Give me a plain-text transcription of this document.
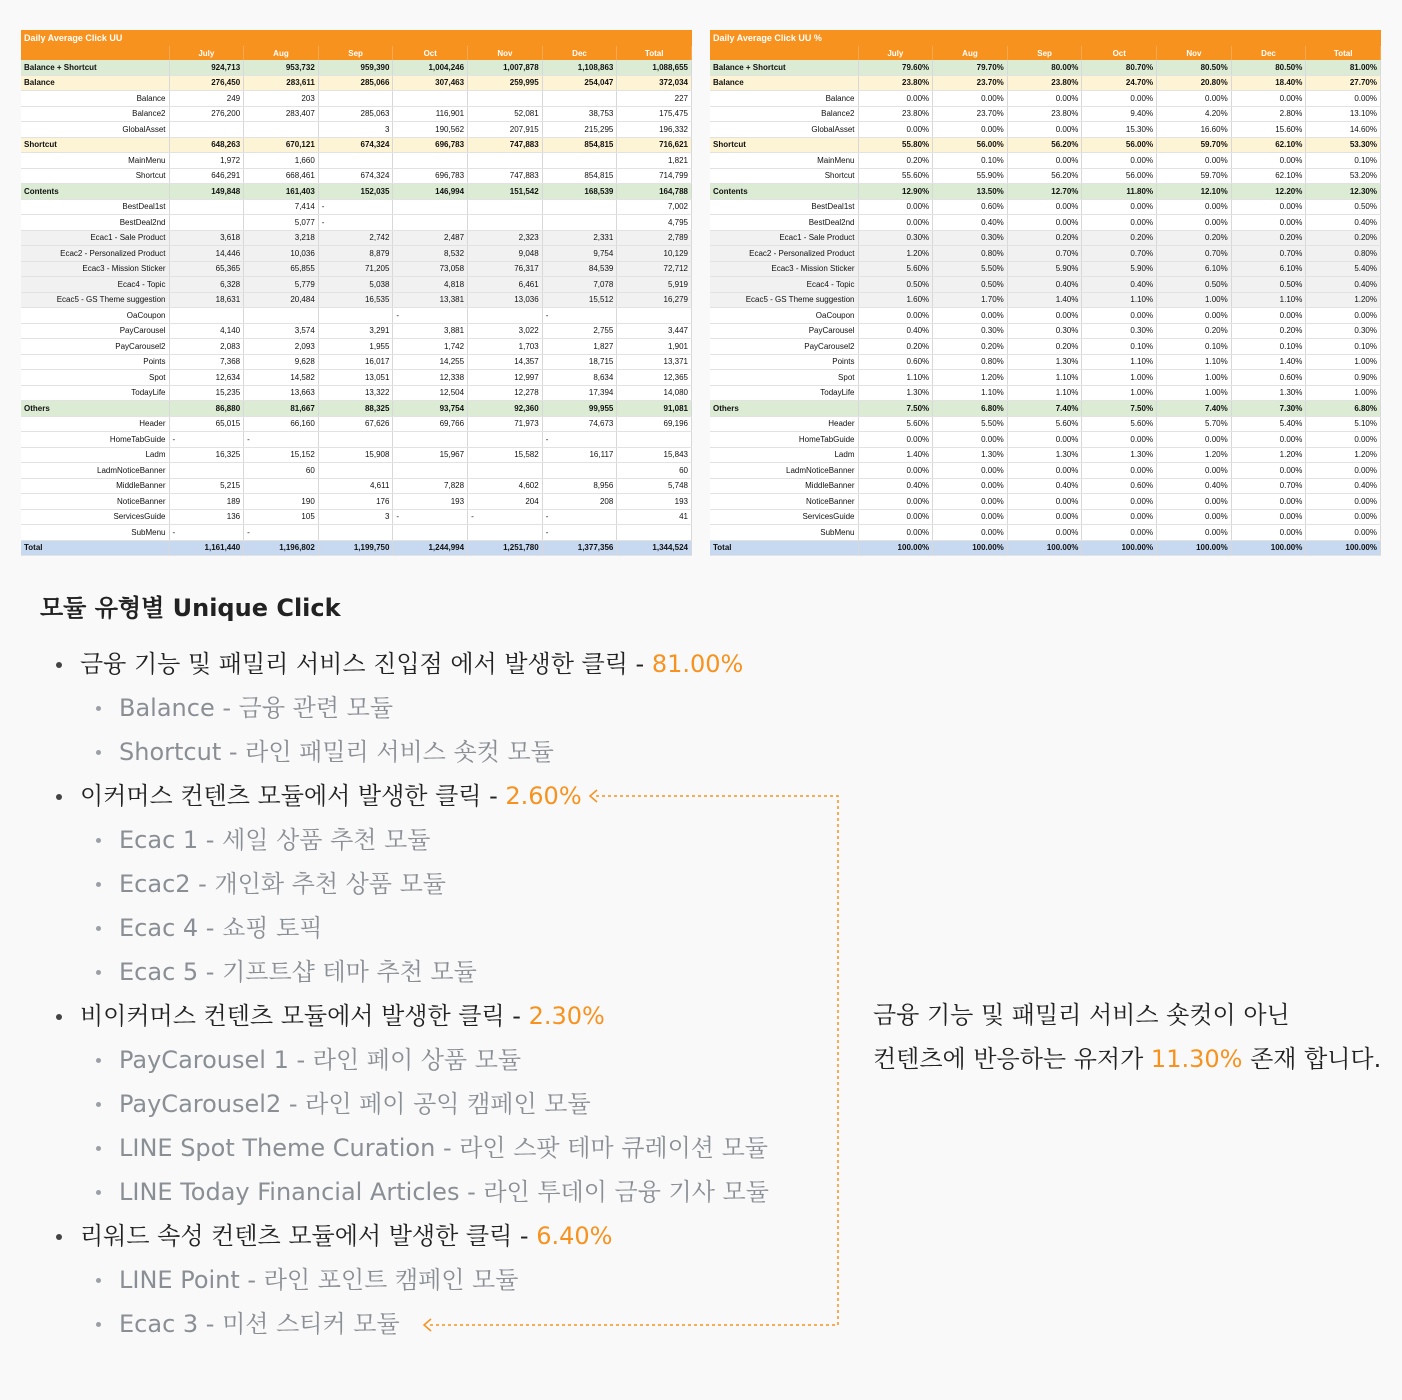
Daily Average Click UU							
	July	Aug	Sep	Oct	Nov	Dec	Total
Balance + Shortcut	924,713	953,732	959,390	1,004,246	1,007,878	1,108,863	1,088,655
Balance	276,450	283,611	285,066	307,463	259,995	254,047	372,034
Balance	249	203					227
Balance2	276,200	283,407	285,063	116,901	52,081	38,753	175,475
GlobalAsset			3	190,562	207,915	215,295	196,332
Shortcut	648,263	670,121	674,324	696,783	747,883	854,815	716,621
MainMenu	1,972	1,660					1,821
Shortcut	646,291	668,461	674,324	696,783	747,883	854,815	714,799
Contents	149,848	161,403	152,035	146,994	151,542	168,539	164,788
BestDeal1st		7,414	-				7,002
BestDeal2nd		5,077	-				4,795
Ecac1 - Sale Product	3,618	3,218	2,742	2,487	2,323	2,331	2,789
Ecac2 - Personalized Product	14,446	10,036	8,879	8,532	9,048	9,754	10,129
Ecac3 - Mission Sticker	65,365	65,855	71,205	73,058	76,317	84,539	72,712
Ecac4 - Topic	6,328	5,779	5,038	4,818	6,461	7,078	5,919
Ecac5 - GS Theme suggestion	18,631	20,484	16,535	13,381	13,036	15,512	16,279
OaCoupon				-		-	
PayCarousel	4,140	3,574	3,291	3,881	3,022	2,755	3,447
PayCarousel2	2,083	2,093	1,955	1,742	1,703	1,827	1,901
Points	7,368	9,628	16,017	14,255	14,357	18,715	13,371
Spot	12,634	14,582	13,051	12,338	12,997	8,634	12,365
TodayLife	15,235	13,663	13,322	12,504	12,278	17,394	14,080
Others	86,880	81,667	88,325	93,754	92,360	99,955	91,081
Header	65,015	66,160	67,626	69,766	71,973	74,673	69,196
HomeTabGuide	-	-				-	
Ladm	16,325	15,152	15,908	15,967	15,582	16,117	15,843
LadmNoticeBanner		60					60
MiddleBanner	5,215		4,611	7,828	4,602	8,956	5,748
NoticeBanner	189	190	176	193	204	208	193
ServicesGuide	136	105	3	-	-	-	41
SubMenu	-	-				-	
Total	1,161,440	1,196,802	1,199,750	1,244,994	1,251,780	1,377,356	1,344,524
Daily Average Click UU %							
	July	Aug	Sep	Oct	Nov	Dec	Total
Balance + Shortcut	79.60%	79.70%	80.00%	80.70%	80.50%	80.50%	81.00%
Balance	23.80%	23.70%	23.80%	24.70%	20.80%	18.40%	27.70%
Balance	0.00%	0.00%	0.00%	0.00%	0.00%	0.00%	0.00%
Balance2	23.80%	23.70%	23.80%	9.40%	4.20%	2.80%	13.10%
GlobalAsset	0.00%	0.00%	0.00%	15.30%	16.60%	15.60%	14.60%
Shortcut	55.80%	56.00%	56.20%	56.00%	59.70%	62.10%	53.30%
MainMenu	0.20%	0.10%	0.00%	0.00%	0.00%	0.00%	0.10%
Shortcut	55.60%	55.90%	56.20%	56.00%	59.70%	62.10%	53.20%
Contents	12.90%	13.50%	12.70%	11.80%	12.10%	12.20%	12.30%
BestDeal1st	0.00%	0.60%	0.00%	0.00%	0.00%	0.00%	0.50%
BestDeal2nd	0.00%	0.40%	0.00%	0.00%	0.00%	0.00%	0.40%
Ecac1 - Sale Product	0.30%	0.30%	0.20%	0.20%	0.20%	0.20%	0.20%
Ecac2 - Personalized Product	1.20%	0.80%	0.70%	0.70%	0.70%	0.70%	0.80%
Ecac3 - Mission Sticker	5.60%	5.50%	5.90%	5.90%	6.10%	6.10%	5.40%
Ecac4 - Topic	0.50%	0.50%	0.40%	0.40%	0.50%	0.50%	0.40%
Ecac5 - GS Theme suggestion	1.60%	1.70%	1.40%	1.10%	1.00%	1.10%	1.20%
OaCoupon	0.00%	0.00%	0.00%	0.00%	0.00%	0.00%	0.00%
PayCarousel	0.40%	0.30%	0.30%	0.30%	0.20%	0.20%	0.30%
PayCarousel2	0.20%	0.20%	0.20%	0.10%	0.10%	0.10%	0.10%
Points	0.60%	0.80%	1.30%	1.10%	1.10%	1.40%	1.00%
Spot	1.10%	1.20%	1.10%	1.00%	1.00%	0.60%	0.90%
TodayLife	1.30%	1.10%	1.10%	1.00%	1.00%	1.30%	1.00%
Others	7.50%	6.80%	7.40%	7.50%	7.40%	7.30%	6.80%
Header	5.60%	5.50%	5.60%	5.60%	5.70%	5.40%	5.10%
HomeTabGuide	0.00%	0.00%	0.00%	0.00%	0.00%	0.00%	0.00%
Ladm	1.40%	1.30%	1.30%	1.30%	1.20%	1.20%	1.20%
LadmNoticeBanner	0.00%	0.00%	0.00%	0.00%	0.00%	0.00%	0.00%
MiddleBanner	0.40%	0.00%	0.40%	0.60%	0.40%	0.70%	0.40%
NoticeBanner	0.00%	0.00%	0.00%	0.00%	0.00%	0.00%	0.00%
ServicesGuide	0.00%	0.00%	0.00%	0.00%	0.00%	0.00%	0.00%
SubMenu	0.00%	0.00%	0.00%	0.00%	0.00%	0.00%	0.00%
Total	100.00%	100.00%	100.00%	100.00%	100.00%	100.00%	100.00%
모듈 유형별 Unique Click
금융 기능 및 패밀리 서비스 진입점 에서 발생한 클릭 - 81.00%
Balance - 금융 관련 모듈
Shortcut - 라인 패밀리 서비스 숏컷 모듈
이커머스 컨텐츠 모듈에서 발생한 클릭 - 2.60%
Ecac 1 - 세일 상품 추천 모듈
Ecac2 - 개인화 추천 상품 모듈
Ecac 4 - 쇼핑 토픽
Ecac 5 - 기프트샵 테마 추천 모듈
비이커머스 컨텐츠 모듈에서 발생한 클릭 - 2.30%
PayCarousel 1 - 라인 페이 상품 모듈
PayCarousel2 - 라인 페이 공익 캠페인 모듈
LINE Spot Theme Curation - 라인 스팟 테마 큐레이션 모듈
LINE Today Financial Articles - 라인 투데이 금융 기사 모듈
리워드 속성 컨텐츠 모듈에서 발생한 클릭 - 6.40%
LINE Point - 라인 포인트 캠페인 모듈
Ecac 3 - 미션 스티커 모듈
금융 기능 및 패밀리 서비스 숏컷이 아닌
컨텐츠에 반응하는 유저가 11.30% 존재 합니다.
